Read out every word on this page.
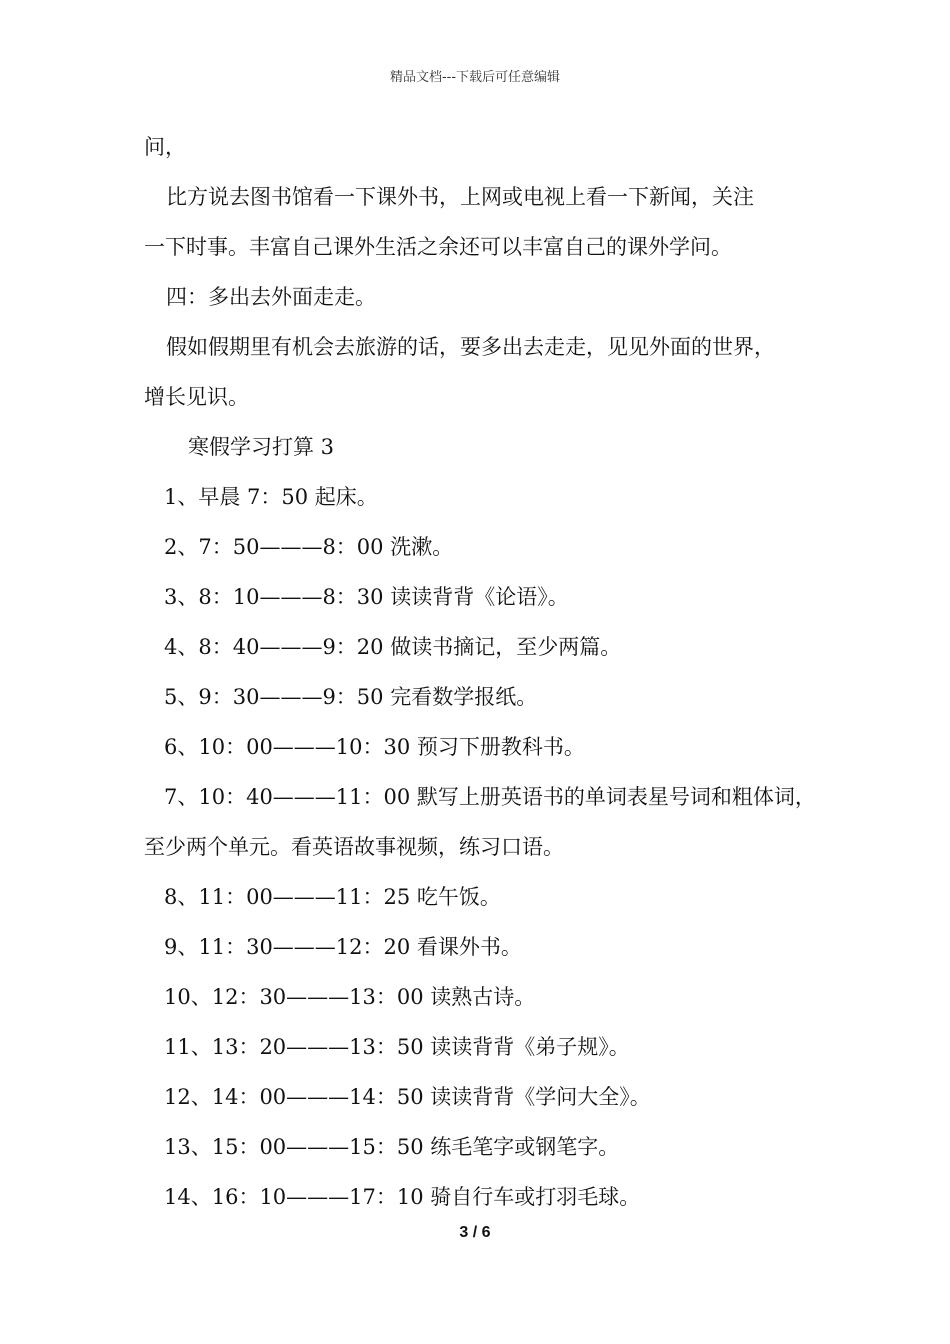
精品文档---下载后可任意编辑
问，
比方说去图书馆看一下课外书，上网或电视上看一下新闻，关注
一下时事。丰富自己课外生活之余还可以丰富自己的课外学问。
四：多出去外面走走。
假如假期里有机会去旅游的话，要多出去走走，见见外面的世界，
增长见识。
寒假学习打算 3
1、早晨 7：50 起床。
2、7：50———8：00 洗漱。
3、8：10———8：30 读读背背《论语》。
4、8：40———9：20 做读书摘记，至少两篇。
5、9：30———9：50 完看数学报纸。
6、10：00———10：30 预习下册教科书。
7、10：40———11：00 默写上册英语书的单词表星号词和粗体词，
至少两个单元。看英语故事视频，练习口语。
8、11：00———11：25 吃午饭。
9、11：30———12：20 看课外书。
10、12：30———13：00 读熟古诗。
11、13：20———13：50 读读背背《弟子规》。
12、14：00———14：50 读读背背《学问大全》。
13、15：00———15：50 练毛笔字或钢笔字。
14、16：10———17：10 骑自行车或打羽毛球。
3 / 6
